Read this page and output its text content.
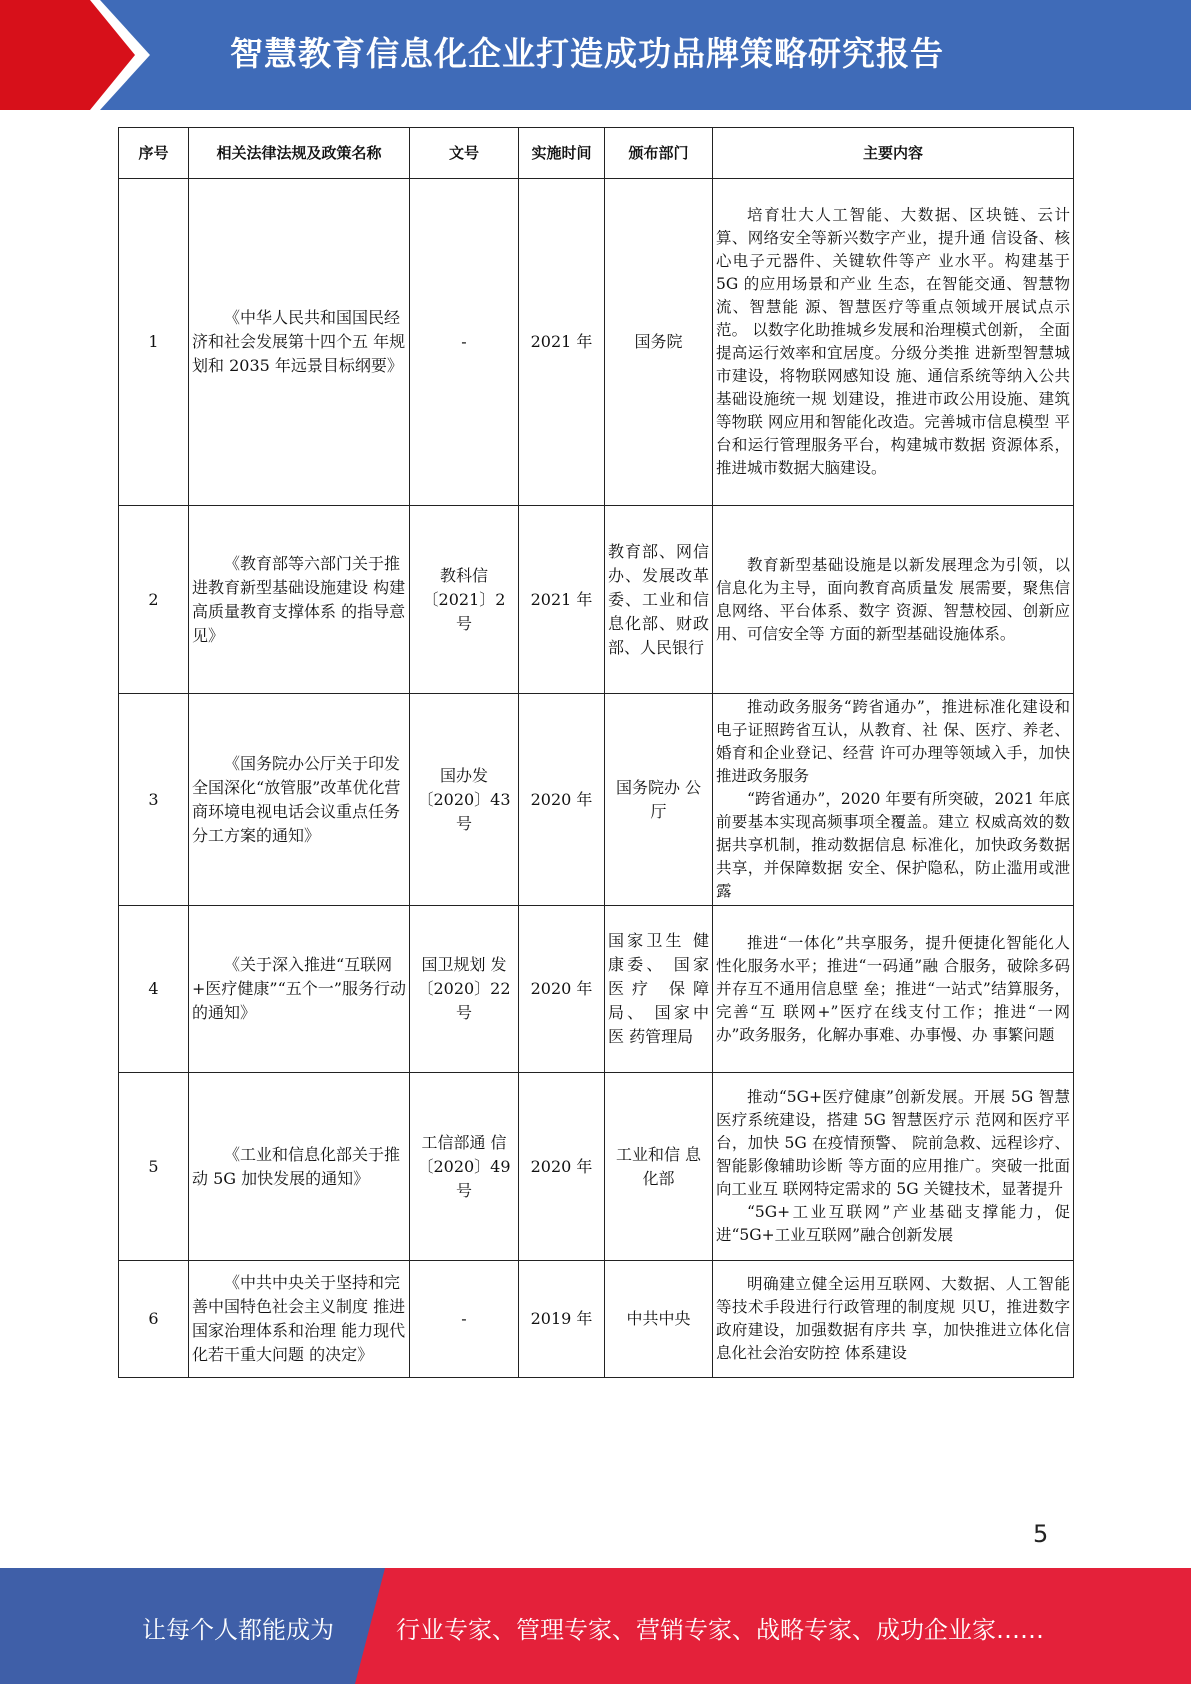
智慧教育信息化企业打造成功品牌策略研究报告
序号	相关法律法规及政策名称	文号	实施时间	颁布部门	主要内容
1	《中华人民共和国国民经 济和社会发展第十四个五 年规划和 2035 年远景目标纲要》	-	2021 年	国务院	培育壮大人工智能、大数据、区块链、云计算、网络安全等新兴数字产业，提升通 信设备、核心电子元器件、关键软件等产 业水平。构建基于 5G 的应用场景和产业 生态，在智能交通、智慧物流、智慧能 源、智慧医疗等重点领域开展试点示范。 以数字化助推城乡发展和治理模式创新， 全面提高运行效率和宜居度。分级分类推 进新型智慧城市建设，将物联网感知设 施、通信系统等纳入公共基础设施统一规 划建设，推进市政公用设施、建筑等物联 网应用和智能化改造。完善城市信息模型 平台和运行管理服务平台，构建城市数据 资源体系，推进城市数据大脑建设。
2	《教育部等六部门关于推 进教育新型基础设施建设 构建高质量教育支撑体系 的指导意见》	教科信〔2021〕2 号	2021 年	教育部、网信办、发展改革委、工业和信息化部、财政部、人民银行	教育新型基础设施是以新发展理念为引领，以信息化为主导，面向教育高质量发 展需要，聚焦信息网络、平台体系、数字 资源、智慧校园、创新应用、可信安全等 方面的新型基础设施体系。
3	《国务院办公厅关于印发 全国深化“放管服”改革优化营商环境电视电话会议重点任务分工方案的通知》	国办发〔2020〕43 号	2020 年	国务院办 公厅	推动政务服务“跨省通办”，推进标准化建设和电子证照跨省互认，从教育、社 保、医疗、养老、婚育和企业登记、经营 许可办理等领域入手，加快推进政务服务
“跨省通办”，2020 年要有所突破，2021 年底前要基本实现高频事项全覆盖。建立 权威高效的数据共享机制，推动数据信息 标准化，加快政务数据共享，并保障数据 安全、保护隐私，防止滥用或泄露

4	《关于深入推进“互联网 +医疗健康”“五个一”服务行动的通知》	国卫规划 发〔2020〕22 号	2020 年	国家卫生 健康委、 国家医疗 保障局、 国家中医 药管理局	推进“一体化”共享服务，提升便捷化智能化人性化服务水平；推进“一码通”融 合服务，破除多码并存互不通用信息壁 垒；推进“一站式”结算服务，完善“互 联网+”医疗在线支付工作；推进“一网 办”政务服务，化解办事难、办事慢、办 事繁问题
5	《工业和信息化部关于推动 5G 加快发展的通知》	工信部通 信〔2020〕49 号	2020 年	工业和信 息化部	推动“5G+医疗健康”创新发展。开展 5G 智慧医疗系统建设，搭建 5G 智慧医疗示 范网和医疗平台，加快 5G 在疫情预警、 院前急救、远程诊疗、智能影像辅助诊断 等方面的应用推广。突破一批面向工业互 联网特定需求的 5G 关键技术，显著提升
“5G+工业互联网”产业基础支撑能力，促进“5G+工业互联网”融合创新发展

6	《中共中央关于坚持和完 善中国特色社会主义制度 推进国家治理体系和治理 能力现代化若干重大问题 的决定》	-	2019 年	中共中央	明确建立健全运用互联网、大数据、人工智能等技术手段进行行政管理的制度规 贝U，推进数字政府建设，加强数据有序共 享，加快推进立体化信息化社会治安防控 体系建设
5
让每个人都能成为	行业专家、管理专家、营销专家、战略专家、成功企业家……
